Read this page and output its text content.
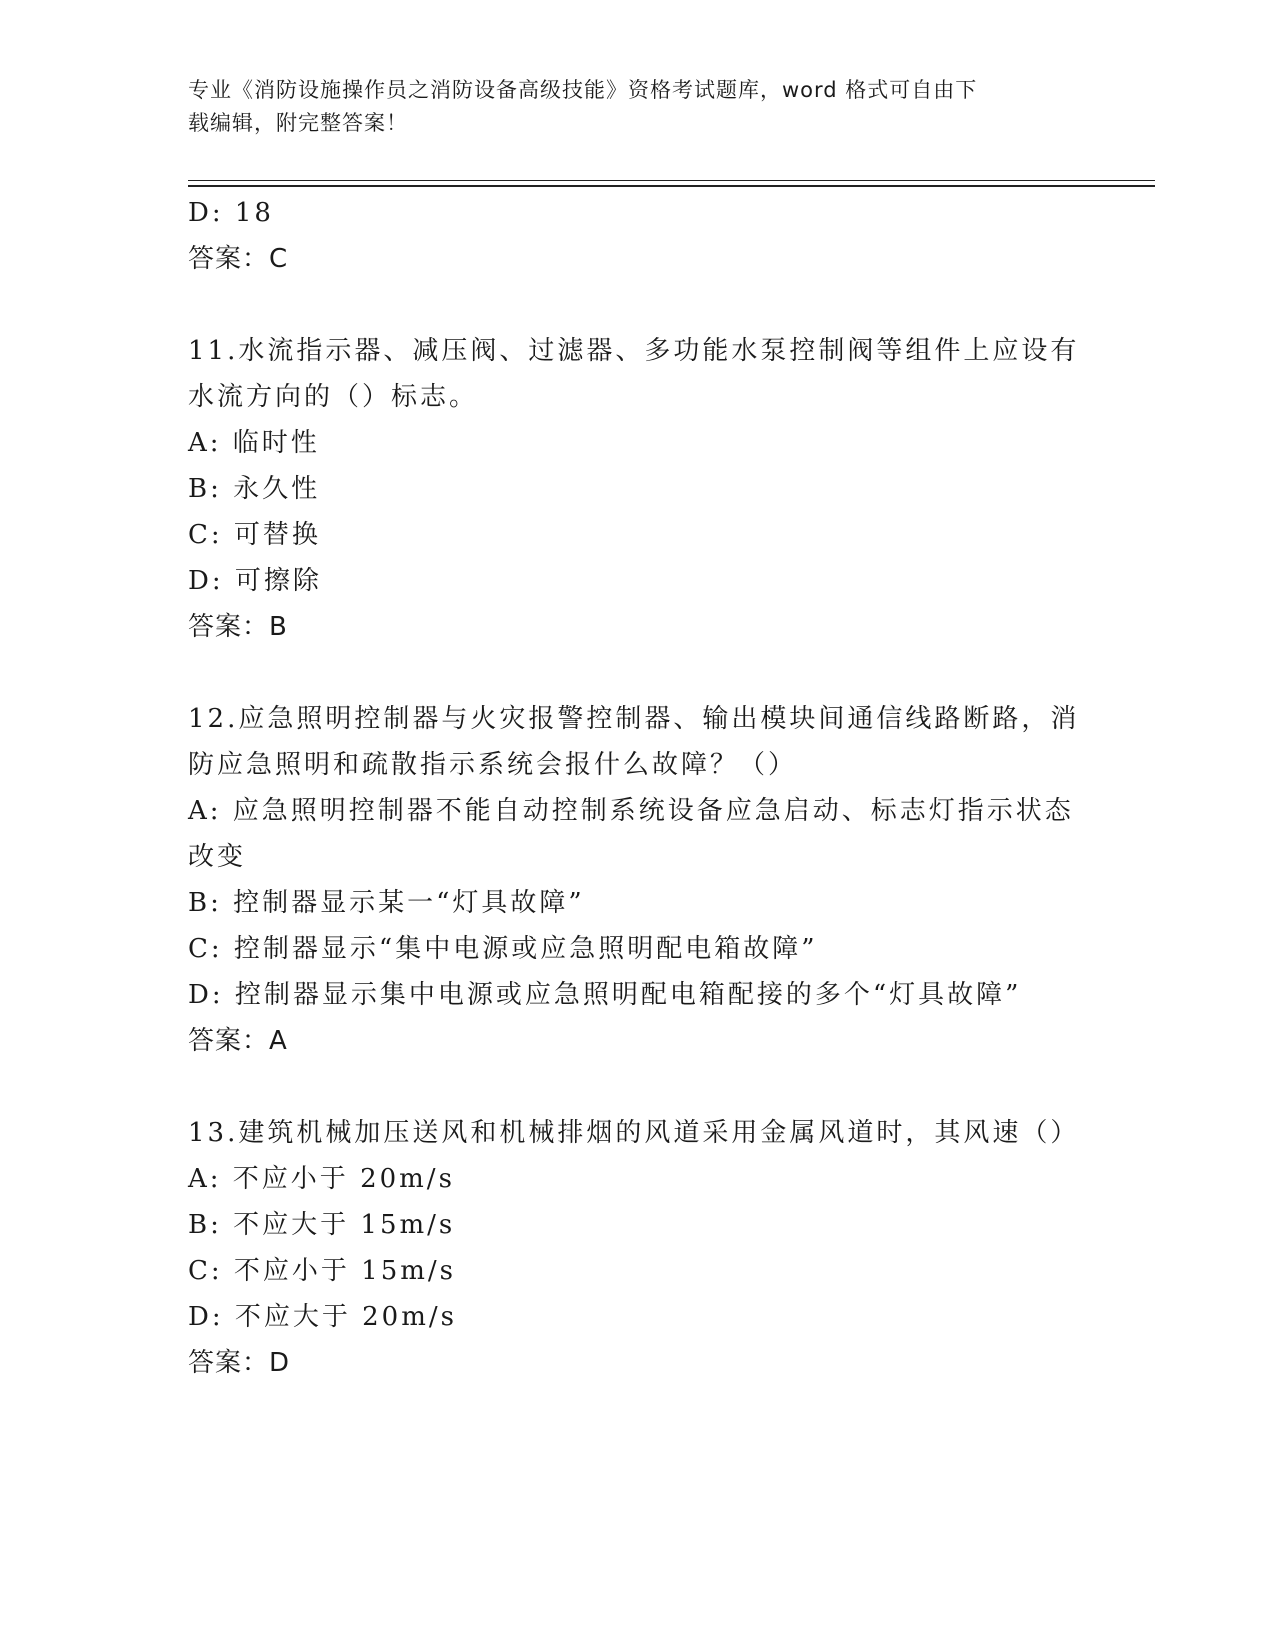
专业《消防设施操作员之消防设备高级技能》资格考试题库，word 格式可自由下
载编辑，附完整答案！
D: 18
答案：C
11.水流指示器、减压阀、过滤器、多功能水泵控制阀等组件上应设有
水流方向的（）标志。
A: 临时性
B: 永久性
C: 可替换
D: 可擦除
答案：B
12.应急照明控制器与火灾报警控制器、输出模块间通信线路断路，消
防应急照明和疏散指示系统会报什么故障？（）
A: 应急照明控制器不能自动控制系统设备应急启动、标志灯指示状态
改变
B: 控制器显示某一“灯具故障”
C: 控制器显示“集中电源或应急照明配电箱故障”
D: 控制器显示集中电源或应急照明配电箱配接的多个“灯具故障”
答案：A
13.建筑机械加压送风和机械排烟的风道采用金属风道时，其风速（）
A: 不应小于 20m/s
B: 不应大于 15m/s
C: 不应小于 15m/s
D: 不应大于 20m/s
答案：D
